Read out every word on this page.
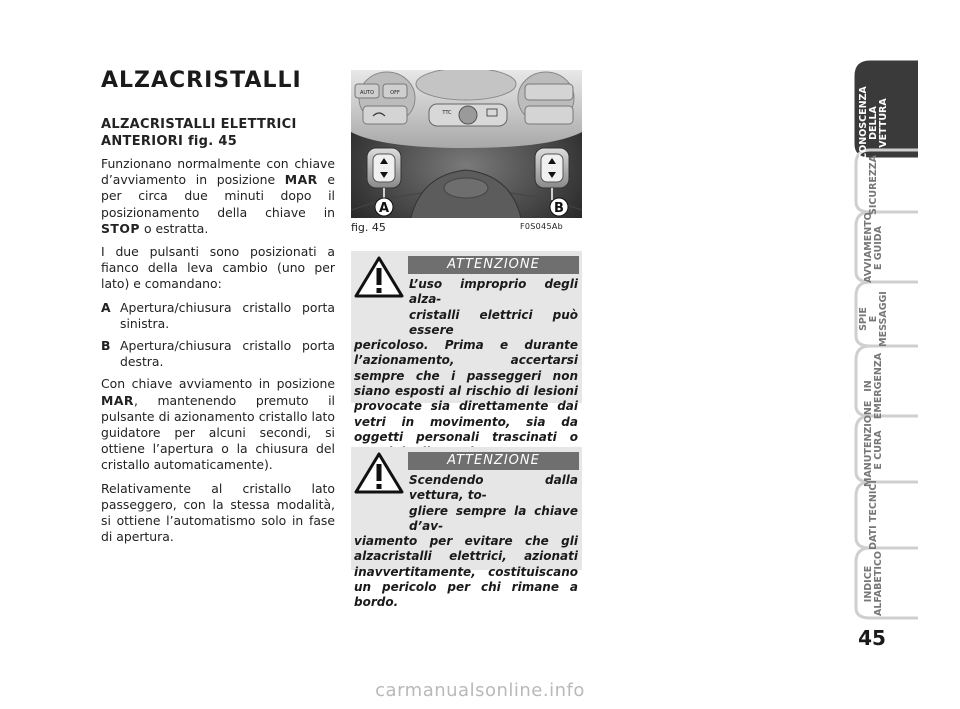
ALZACRISTALLI
ALZACRISTALLI ELETTRICI
ANTERIORI fig. 45

Funzionano normalmente con chiave d’avviamento in posizione MAR e per circa due minuti dopo il posizionamento della chiave in STOP o estratta.

I due pulsanti sono posizionati a fianco della leva cambio (uno per lato) e comandano:

A Apertura/chiusura cristallo porta sinistra.
B Apertura/chiusura cristallo porta destra.

Con chiave avviamento in posizione MAR, mantenendo premuto il pulsante di azionamento cristallo lato guidatore per alcuni secondi, si ottiene l’apertura o la chiusura del cristallo automaticamente).

Relativamente al cristallo lato passeggero, con la stessa modalità, si ottiene l’automatismo solo in fase di apertura.

AUTO	OFF
TTC
A	B
fig. 45	F0S045Ab
ATTENZIONE
L’uso improprio degli alza-
cristalli elettrici può essere
pericoloso. Prima e durante l’azionamento, accertarsi sempre che i passeggeri non siano esposti al rischio di lesioni provocate sia direttamente dai vetri in movimento, sia da oggetti personali trascinati o
ATTENZIONE
Scendendo dalla vettura, to-
gliere sempre la chiave d’av-
viamento per evitare che gli alzacristalli elettrici, azionati inavvertitamente, costituiscano un pericolo per chi rimane a bordo.
CONOSCENZA DELLA VETTURA
SICUREZZA
AVVIAMENTO E GUIDA
SPIE E MESSAGGI
IN EMERGENZA
MANUTENZIONE E CURA
DATI TECNICI
INDICE ALFABETICO
45
carmanualsonline.info
